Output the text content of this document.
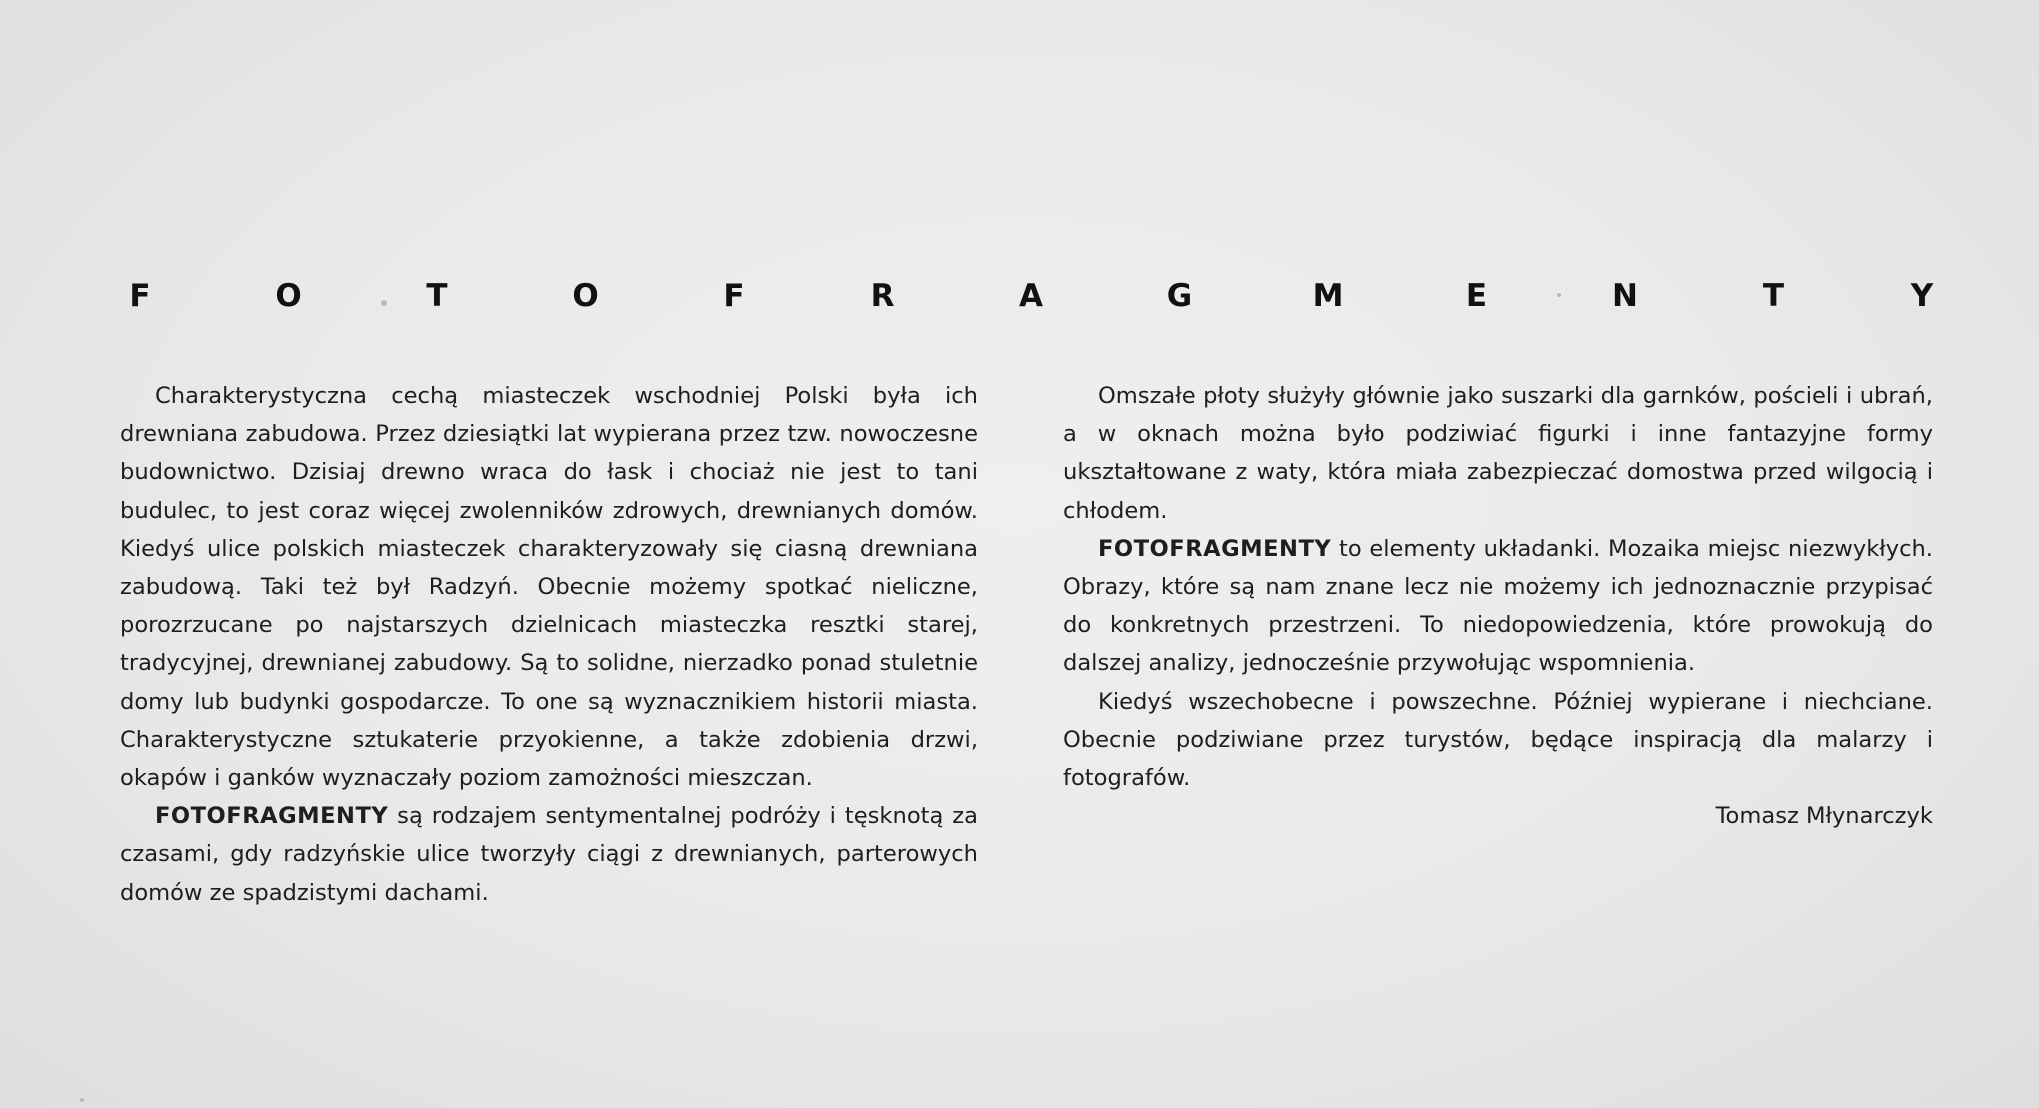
F	O	T	O	F	R	A	G	M	E	N	T	Y

Charakterystyczna cechą miasteczek wschodniej Polski była ich drewniana zabudowa. Przez dziesiątki lat wypierana przez tzw. nowoczesne budownictwo. Dzisiaj drewno wraca do łask i chociaż nie jest to tani budulec, to jest coraz więcej zwolenników zdrowych, drewnianych domów. Kiedyś ulice polskich miasteczek charakteryzowały się ciasną drewniana zabudową. Taki też był Radzyń. Obecnie możemy spotkać nieliczne, porozrzucane po najstarszych dzielnicach miasteczka resztki starej, tradycyjnej, drewnianej zabudowy. Są to solidne, nierzadko ponad stuletnie domy lub budynki gospodarcze. To one są wyznacznikiem historii miasta. Charakterystyczne sztukaterie przyokienne, a także zdobienia drzwi, okapów i ganków wyznaczały poziom zamożności mieszczan.

FOTOFRAGMENTY są rodzajem sentymentalnej podróży i tęsknotą za czasami, gdy radzyńskie ulice tworzyły ciągi z drewnianych, parterowych domów ze spadzistymi dachami.

Omszałe płoty służyły głównie jako suszarki dla garnków, pościeli i ubrań, a w oknach można było podziwiać figurki i inne fantazyjne formy ukształtowane z waty, która miała zabezpieczać domostwa przed wilgocią i chłodem.

FOTOFRAGMENTY to elementy układanki. Mozaika miejsc niezwykłych. Obrazy, które są nam znane lecz nie możemy ich jednoznacznie przypisać do konkretnych przestrzeni. To niedopowiedzenia, które prowokują do dalszej analizy, jednocześnie przywołując wspomnienia.

Kiedyś wszechobecne i powszechne. Później wypierane i niechciane. Obecnie podziwiane przez turystów, będące inspiracją dla malarzy i fotografów.

Tomasz Młynarczyk
